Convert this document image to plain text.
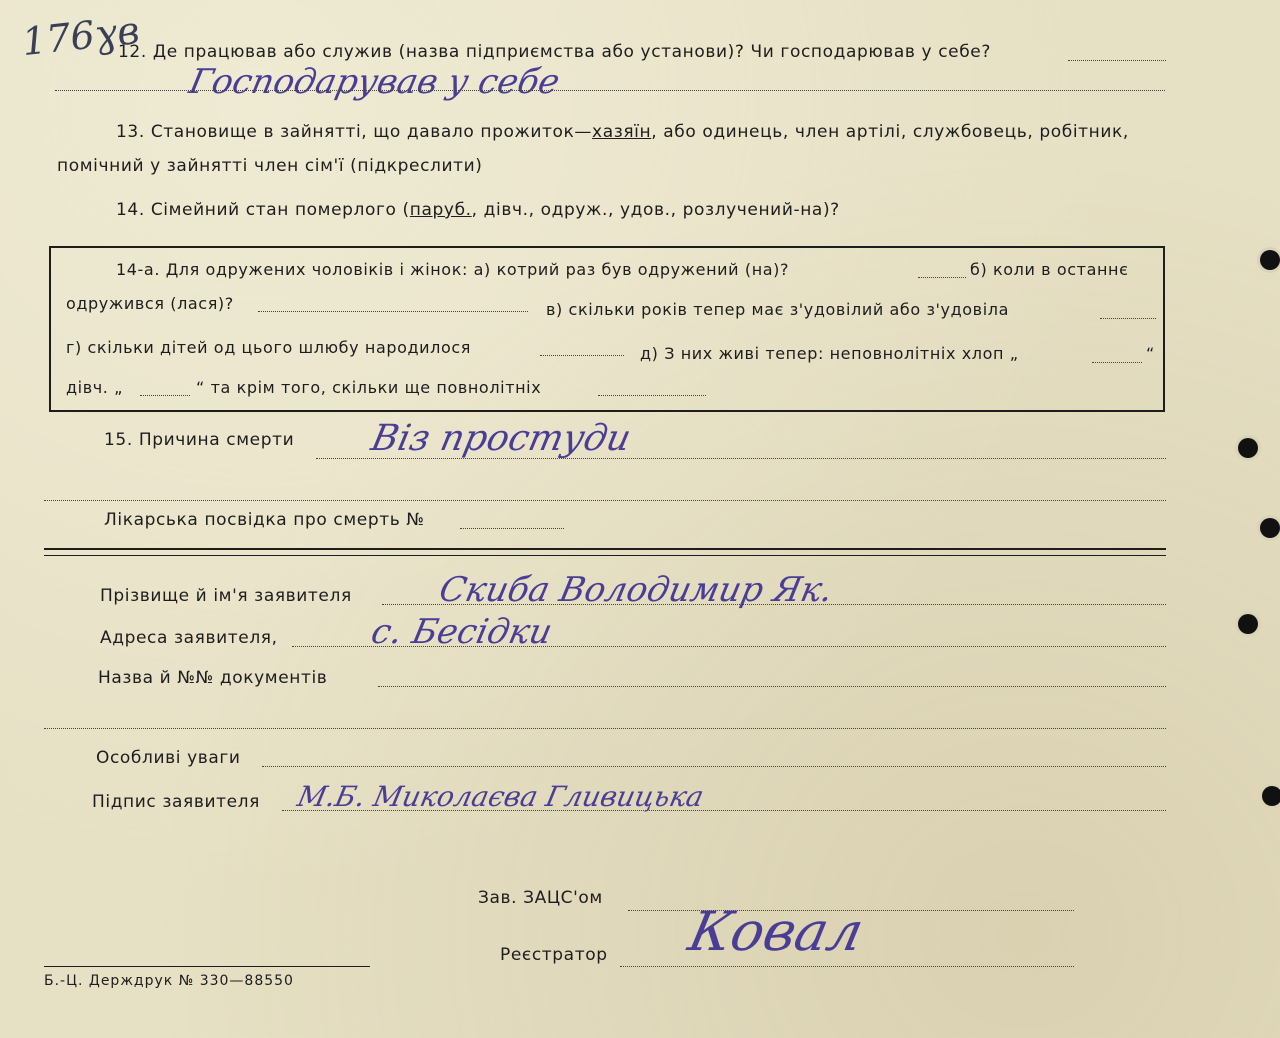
176ɣв
12. Де працював або служив (назва підприємства або установи)? Чи господарював у себе?
Господарував у себе
13. Становище в зайнятті, що давало прожиток—хазяїн, або одинець, член артілі, службовець, робітник,
помічний у зайнятті член сім'ї (підкреслити)
14. Сімейний стан померлого (паруб., дівч., одруж., удов., розлучений-на)?
14-а. Для одружених чоловіків і жінок: а) котрий раз був одружений (на)?	б) коли в останнє
одружився (лася)?	в) скільки років тепер має з'удовілий або з'удовіла
г) скільки дітей од цього шлюбу народилося	д) З них живі тепер: неповнолітніх хлоп „	“
дівч. „	“ та крім того, скільки ще повнолітніх
15. Причина смерти Віз простуди
Лікарська посвідка про смерть №
Прізвище й ім'я заявителя Скиба Володимир Як.
Адреса заявителя,	с. Бесідки
Назва й №№ документів
Особливі уваги
Підпис заявителя М.Б. Миколаєва Гливицька
Зав. ЗАЦС'ом
Реєстратор Ковал
Б.-Ц. Держдрук № 330—88550
